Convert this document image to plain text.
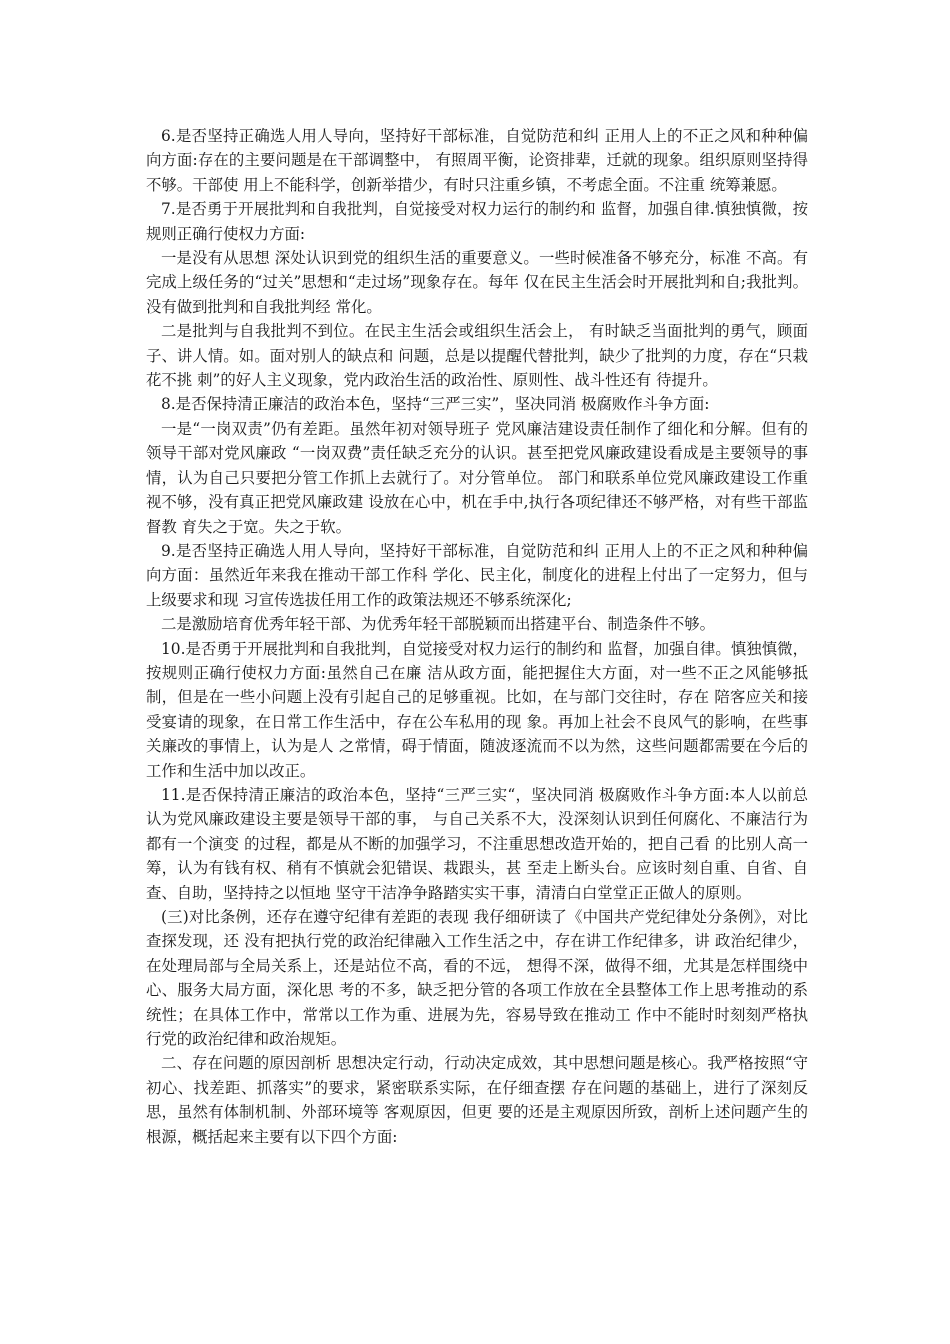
6.是否坚持正确选人用人导向，坚持好干部标准，自觉防范和纠 正用人上的不正之风和种种偏向方面:存在的主要问题是在干部调整中， 有照周平衡，论资排辈，迁就的现象。组织原则坚持得不够。干部使 用上不能科学，创新举措少，有时只注重乡镇，不考虑全面。不注重 统筹兼愿。

7.是否勇于开展批判和自我批判，自觉接受对权力运行的制约和 监督，加强自律.慎独慎微，按规则正确行使权力方面:

一是没有从思想 深处认识到党的组织生活的重要意义。一些时候准备不够充分，标准 不高。有完成上级任务的“过关”思想和“走过场”现象存在。每年 仅在民主生活会时开展批判和自;我批判。没有做到批判和自我批判经 常化。

二是批判与自我批判不到位。在民主生活会或组织生活会上， 有时缺乏当面批判的勇气，顾面子、讲人情。如。面对别人的缺点和 问题，总是以提醒代替批判，缺少了批判的力度，存在“只栽花不挑 刺”的好人主义现象，党内政治生活的政治性、原则性、战斗性还有 待提升。

8.是否保持清正廉洁的政治本色，坚持“三严三实”，坚决同消 极腐败作斗争方面:

一是“一岗双责”仍有差距。虽然年初对领导班子 党风廉洁建设责任制作了细化和分解。但有的领导干部对党风廉政 “一岗双费”责任缺乏充分的认识。甚至把党风廉政建设看成是主要领导的事情，认为自己只要把分管工作抓上去就行了。对分管单位。 部门和联系单位党风廉政建设工作重视不够，没有真正把党风廉政建 设放在心中，机在手中,执行各项纪律还不够严格，对有些干部监督教 育失之于宽。失之于软。

9.是否坚持正确选人用人导向，坚持好干部标准，自觉防范和纠 正用人上的不正之风和种种偏向方面：虽然近年来我在推动干部工作科 学化、民主化，制度化的进程上付出了一定努力，但与上级要求和现 习宣传选拔任用工作的政策法规还不够系统深化;

二是激励培育优秀年轻干部、为优秀年轻干部脱颖而出搭建平台、制造条件不够。

10.是否勇于开展批判和自我批判，自觉接受对权力运行的制约和 监督，加强自律。慎独慎微，按规则正确行使权力方面:虽然自己在廉 洁从政方面，能把握住大方面，对一些不正之风能够抵制，但是在一些小问题上没有引起自己的足够重视。比如，在与部门交往时，存在 陪客应关和接受宴请的现象，在日常工作生活中，存在公车私用的现 象。再加上社会不良风气的影响，在些事关廉改的事情上，认为是人 之常情，碍于情面，随波逐流而不以为然，这些问题都需要在今后的 工作和生活中加以改正。

11.是否保持清正廉洁的政治本色，坚持“三严三实“，坚决同消 极腐败作斗争方面:本人以前总认为党风廉政建设主要是领导干部的事， 与自己关系不大，没深刻认识到任何腐化、不廉洁行为都有一个演变 的过程，都是从不断的加强学习，不注重思想改造开始的，把自己看 的比别人高一筹，认为有钱有权、稍有不慎就会犯错误、栽跟头，甚 至走上断头台。应该时刻自重、自省、自查、自助，坚持持之以恒地 坚守干洁净争路踏实实干事，清清白白堂堂正正做人的原则。

(三)对比条例，还存在遵守纪律有差距的表现 我仔细研读了《中国共产党纪律处分条例》，对比查探发现，还 没有把执行党的政治纪律融入工作生活之中，存在讲工作纪律多，讲 政治纪律少，在处理局部与全局关系上，还是站位不高，看的不远， 想得不深，做得不细，尤其是怎样围绕中心、服务大局方面，深化思 考的不多，缺乏把分管的各项工作放在全县整体工作上思考推动的系 统性；在具体工作中，常常以工作为重、进展为先，容易导致在推动工 作中不能时时刻刻严格执行党的政治纪律和政治规矩。

二、存在问题的原因剖析 思想决定行动，行动决定成效，其中思想问题是核心。我严格按照“守初心、找差距、抓落实”的要求，紧密联系实际，在仔细查摆 存在问题的基础上，进行了深刻反思，虽然有体制机制、外部环境等 客观原因，但更 要的还是主观原因所致，剖析上述问题产生的根源，概括起来主要有以下四个方面:
